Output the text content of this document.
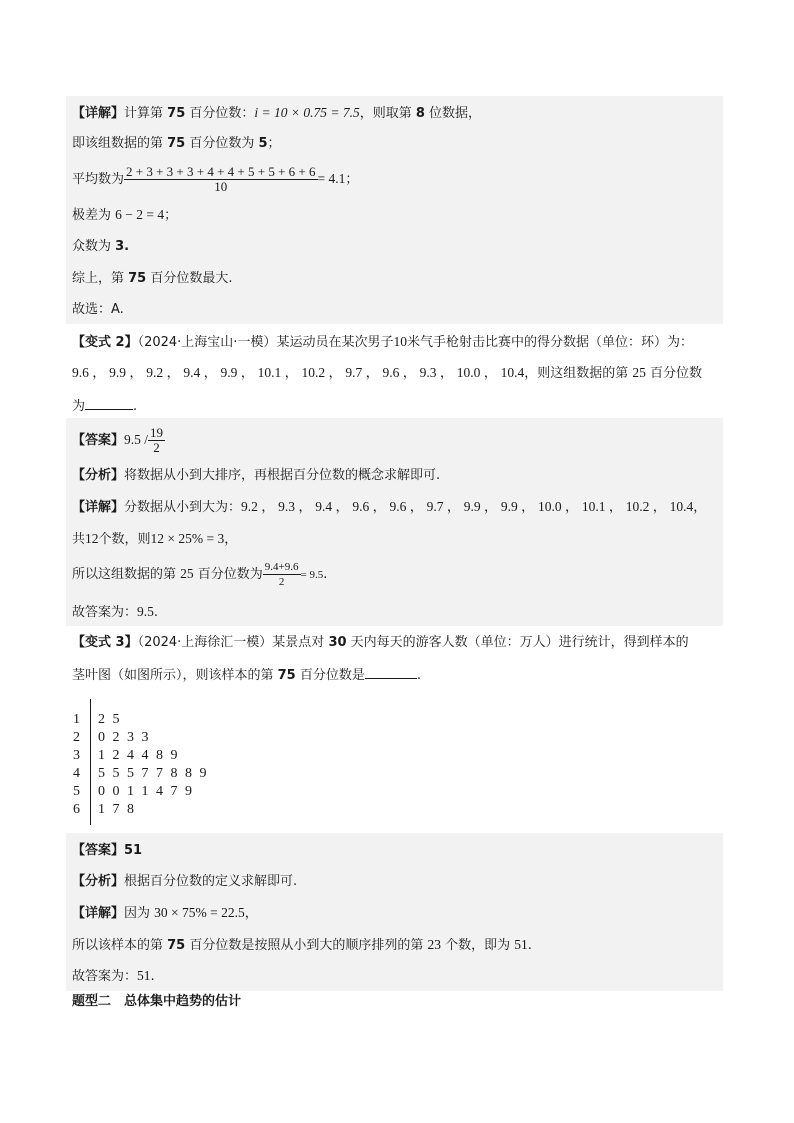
【详解】计算第 75 百分位数：i = 10 × 0.75 = 7.5，则取第 8 位数据，
即该组数据的第 75 百分位数为 5；
平均数为 $\frac{2 + 3 + 3 + 3 + 4 + 4 + 5 + 5 + 6 + 6}{10} = 4.1$；
极差为 6 − 2 = 4；
众数为 3.
综上，第 75 百分位数最大.
故选：A.
【变式 2】（2024·上海宝山·一模）某运动员在某次男子10米气手枪射击比赛中的得分数据（单位：环）为：
9.6 ， 9.9 ， 9.2 ， 9.4 ， 9.9 ， 10.1 ， 10.2 ， 9.7 ， 9.6 ， 9.3 ， 10.0 ， 10.4，则这组数据的第 25 百分位数
为	.
【答案】$9.5 / \frac{19}{2}$
【分析】将数据从小到大排序，再根据百分位数的概念求解即可.
【详解】分数据从小到大为：9.2 ， 9.3 ， 9.4 ， 9.6 ， 9.6 ， 9.7 ， 9.9 ， 9.9 ， 10.0 ， 10.1 ， 10.2 ， 10.4，
共12个数，则12 × 25% = 3，
所以这组数据的第 25 百分位数为 $\frac{9.4+9.6}{2} = 9.5$.
故答案为：9.5.
【变式 3】（2024·上海徐汇一模）某景点对 30 天内每天的游客人数（单位：万人）进行统计，得到样本的
茎叶图（如图所示），则该样本的第 75 百分位数是	.
1
2
3
4
5
6
2 5
0 2 3 3
1 2 4 4 8 9
5 5 5 7 7 8 8 9
0 0 1 1 4 7 9
1 7 8
【答案】51
【分析】根据百分位数的定义求解即可.
【详解】因为 30 × 75% = 22.5，
所以该样本的第 75 百分位数是按照从小到大的顺序排列的第 23 个数，即为 51.
故答案为：51.
题型二　总体集中趋势的估计
